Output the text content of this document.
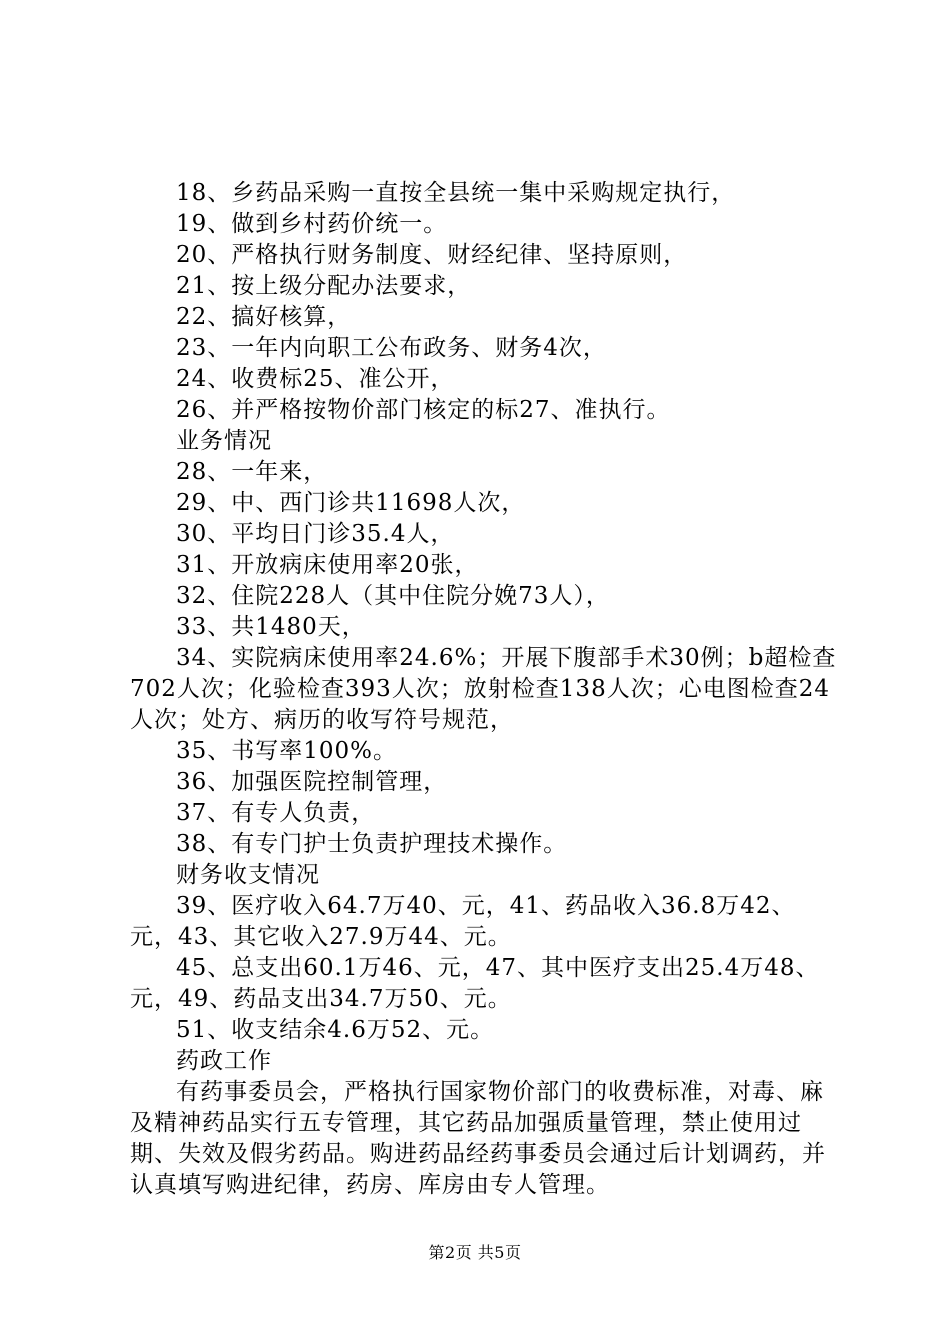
18、乡药品采购一直按全县统一集中采购规定执行，
19、做到乡村药价统一。
20、严格执行财务制度、财经纪律、坚持原则，
21、按上级分配办法要求，
22、搞好核算，
23、一年内向职工公布政务、财务4次，
24、收费标25、准公开，
26、并严格按物价部门核定的标27、准执行。
业务情况
28、一年来，
29、中、西门诊共11698人次，
30、平均日门诊35.4人，
31、开放病床使用率20张，
32、住院228人（其中住院分娩73人），
33、共1480天，
34、实院病床使用率24.6%；开展下腹部手术30例；b超检查702人次；化验检查393人次；放射检查138人次；心电图检查24人次；处方、病历的收写符号规范，
35、书写率100%。
36、加强医院控制管理，
37、有专人负责，
38、有专门护士负责护理技术操作。
财务收支情况
39、医疗收入64.7万40、元，41、药品收入36.8万42、元，43、其它收入27.9万44、元。
45、总支出60.1万46、元，47、其中医疗支出25.4万48、元，49、药品支出34.7万50、元。
51、收支结余4.6万52、元。
药政工作
有药事委员会，严格执行国家物价部门的收费标准，对毒、麻及精神药品实行五专管理，其它药品加强质量管理，禁止使用过期、失效及假劣药品。购进药品经药事委员会通过后计划调药，并认真填写购进纪律，药房、库房由专人管理。
第2页 共5页
